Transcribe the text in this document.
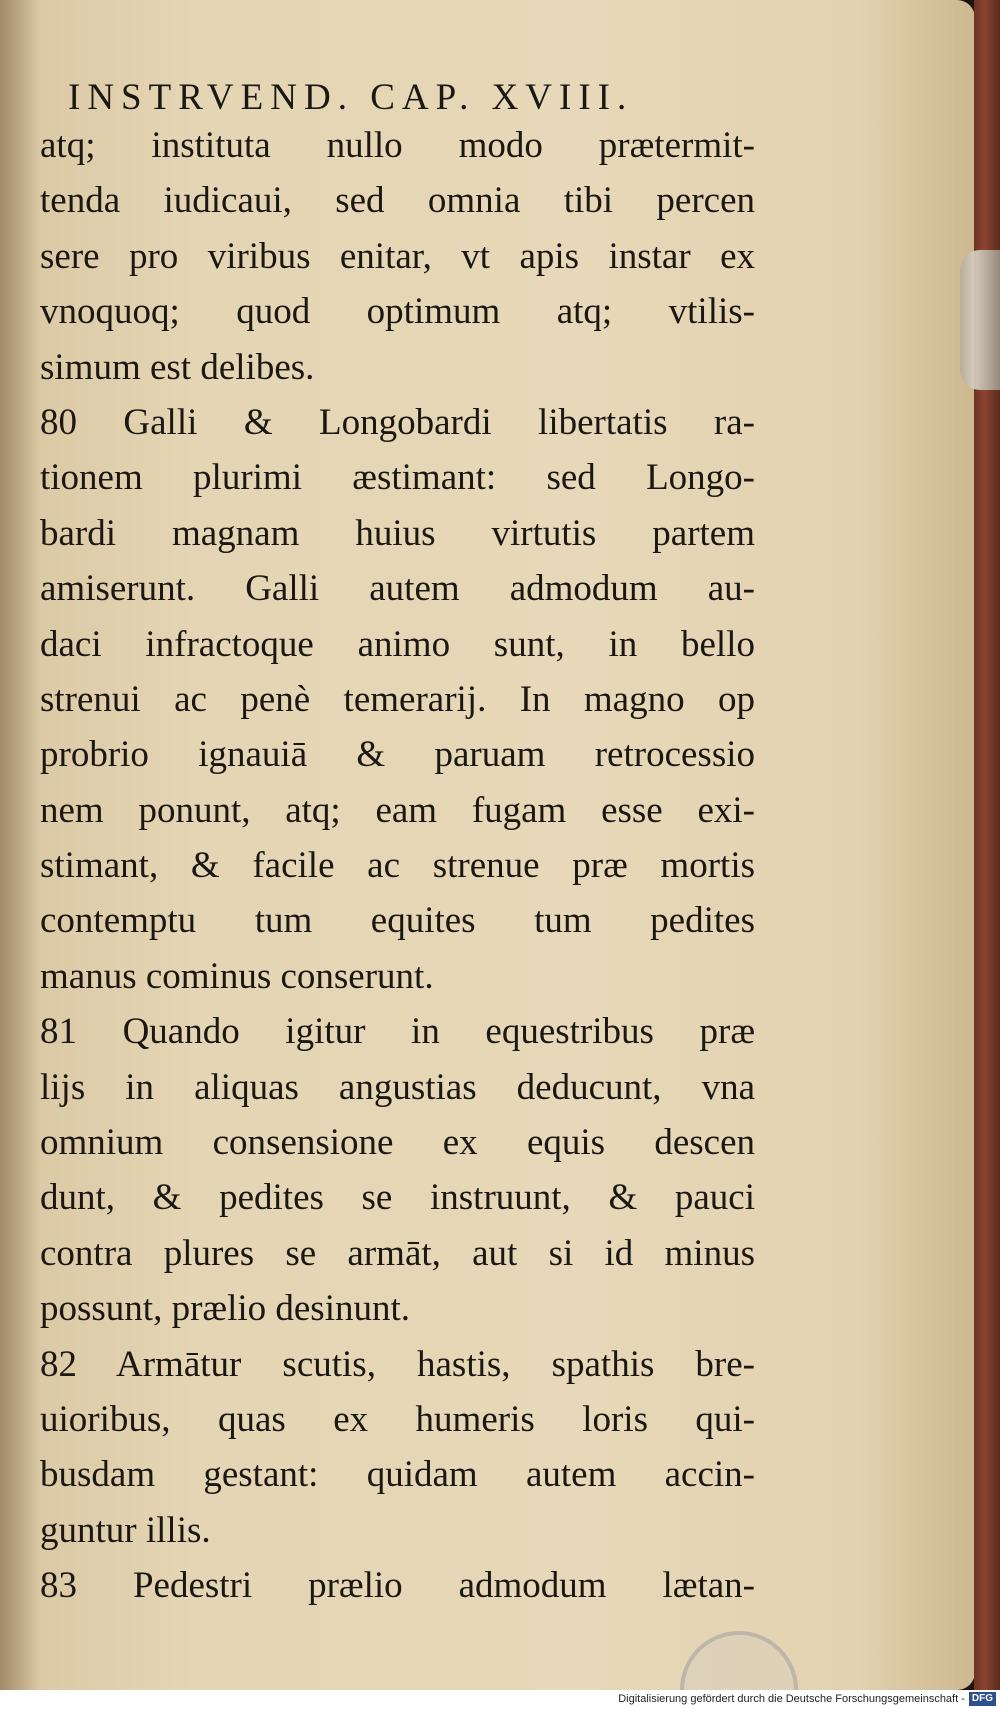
INSTRVEND. CAP. XVIII.
atq; instituta nullo modo prætermit-
tenda iudicaui, sed omnia tibi percen
sere pro viribus enitar, vt apis instar ex
vnoquoq; quod optimum atq; vtilis-
simum est delibes.
80 Galli & Longobardi libertatis ra-
tionem plurimi æstimant: sed Longo-
bardi magnam huius virtutis partem
amiserunt. Galli autem admodum au-
daci infractoque animo sunt, in bello
strenui ac penè temerarij. In magno op
probrio ignauiā & paruam retrocessio
nem ponunt, atq; eam fugam esse exi-
stimant, & facile ac strenue præ mortis
contemptu tum equites tum pedites
manus cominus conserunt.
81 Quando igitur in equestribus præ
lijs in aliquas angustias deducunt, vna
omnium consensione ex equis descen
dunt, & pedites se instruunt, & pauci
contra plures se armāt, aut si id minus
possunt, prælio desinunt.
82 Armātur scutis, hastis, spathis bre-
uioribus, quas ex humeris loris qui-
busdam gestant: quidam autem accin-
guntur illis.
83 Pedestri prælio admodum lætan-
Digitalisierung gefördert durch die Deutsche Forschungsgemeinschaft - DFG
